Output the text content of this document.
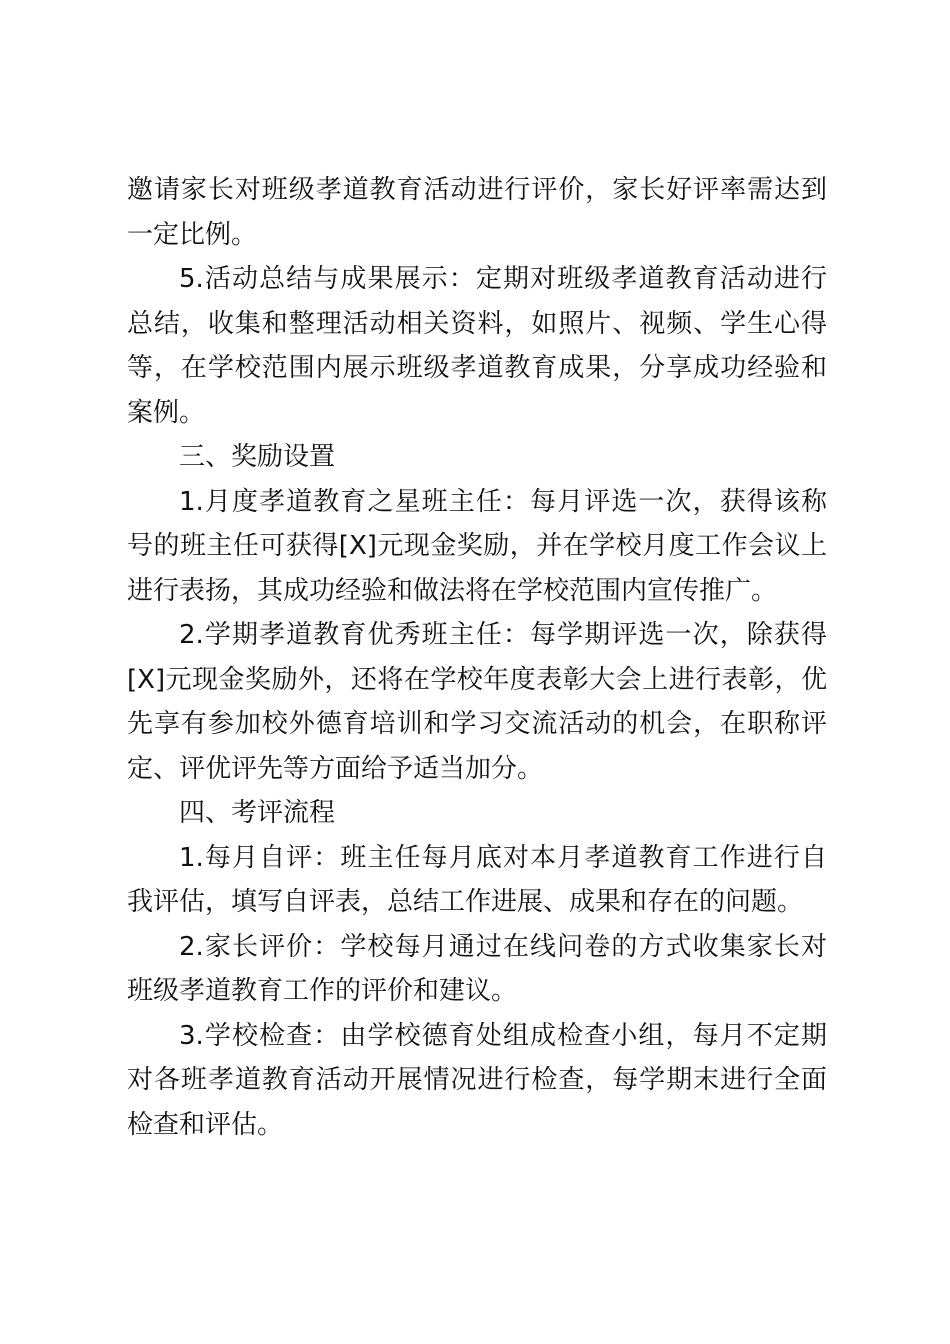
邀请家长对班级孝道教育活动进行评价，家长好评率需达到一定比例。

5.活动总结与成果展示：定期对班级孝道教育活动进行总结，收集和整理活动相关资料，如照片、视频、学生心得等，在学校范围内展示班级孝道教育成果，分享成功经验和案例。

三、奖励设置

1.月度孝道教育之星班主任：每月评选一次，获得该称号的班主任可获得[X]元现金奖励，并在学校月度工作会议上进行表扬，其成功经验和做法将在学校范围内宣传推广。

2.学期孝道教育优秀班主任：每学期评选一次，除获得[X]元现金奖励外，还将在学校年度表彰大会上进行表彰，优先享有参加校外德育培训和学习交流活动的机会，在职称评定、评优评先等方面给予适当加分。

四、考评流程

1.每月自评：班主任每月底对本月孝道教育工作进行自我评估，填写自评表，总结工作进展、成果和存在的问题。

2.家长评价：学校每月通过在线问卷的方式收集家长对班级孝道教育工作的评价和建议。

3.学校检查：由学校德育处组成检查小组，每月不定期对各班孝道教育活动开展情况进行检查，每学期末进行全面检查和评估。
